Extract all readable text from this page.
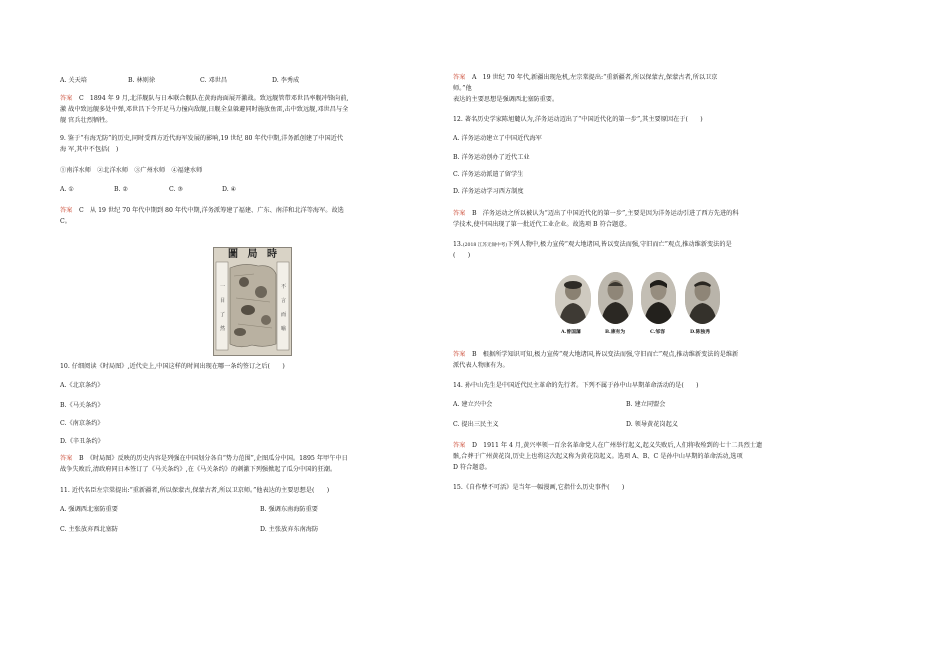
A. 关天培	B. 林则徐	C. 邓世昌	D. 李秀成
答案 C　1894 年 9 月,北洋舰队与日本联合舰队在黄海海面展开激战。致远舰管带邓世昌率舰冲锋向前,
激 战中致远舰多处中弹,邓世昌下令开足马力撞向敌舰,日舰全皇躲避同时施放鱼雷,击中致远舰,邓世昌与全
舰 官兵壮烈牺牲。
9. 鉴于“有海无防”的历史,同时受西方近代海军发展的影响,19 世纪 80 年代中期,洋务派创建了中国近代
海 军,其中不包括(　)
①南洋水师　②北洋水师　③广州水师　④福建水师
A. ①	B. ②	C. ③	D. ④
答案 C　从 19 世纪 70 年代中期到 80 年代中期,洋务派筹建了福建、广东、南洋和北洋等海军。故选
C。
一
目
了
然
不
言
而
喻
圖 局 時
10. 仔细阅读《时局图》,近代史上,中国这样的时间出现在哪一条约签订之后(　　)
A.《北京条约》
B.《马关条约》
C.《南京条约》
D.《辛丑条约》
答案 B　《时局图》反映的历史内容是列强在中国划分各自“势力范围”,企图瓜分中国。1895 年甲午中日
战争失败后,清政府同日本签订了《马关条约》,在《马关条约》的刺激下列强掀起了瓜分中国的狂潮。
11. 近代名臣左宗棠提出:“重新疆者,所以保蒙古,保蒙古者,所以卫京师。”他表达的主要思想是(　　)
A. 强调西北塞防重要	B. 强调东南海防重要
C. 主张放弃西北塞防	D. 主张放弃东南海防
答案 A　19 世纪 70 年代,新疆出现危机,左宗棠提出:“重新疆者,所以保蒙古,保蒙古者,所以卫京
师。”他
表达的主要思想是强调西北塞防重要。
12. 著名历史学家陈旭麓认为,洋务运动迈出了“中国近代化的第一步”,其主要原因在于(　　)
A. 洋务运动建立了中国近代海军
B. 洋务运动创办了近代工业
C. 洋务运动派遣了留学生
D. 洋务运动学习西方制度
答案 B　洋务运动之所以被认为“迈出了中国近代化的第一步”,主要是因为洋务运动引进了西方先进的科
学技术,使中国出现了第一批近代工业企业。故选项 B 符合题意。
13.(2018 江苏无锡中考)下列人物中,极力宣传“观大地诸国,皆以变法而强,守旧而亡”观点,推动维新变法的是
(　　)
A.曾国藩	B.康有为	C.邹容	D.陈独秀
答案 B　根据所学知识可知,极力宣传“观大地诸国,皆以变法而强,守旧而亡”观点,推动维新变法的是维新
派代表人物康有为。
14. 孙中山先生是中国近代民主革命的先行者。下列不属于孙中山早期革命活动的是(　　)
A. 建立兴中会	B. 建立同盟会
C. 提出三民主义	D. 领导黄花岗起义
答案 D　1911 年 4 月,黄兴率领一百余名革命党人在广州举行起义,起义失败后,人们将收殓到的七十二具烈士遗
骸,合葬于广州黄花岗,历史上也将这次起义称为黄花岗起义。选项 A、B、C 是孙中山早期的革命活动,选项
D 符合题意。
15.《自作孽不可活》是当年一幅漫画,它指什么历史事件(　　)
